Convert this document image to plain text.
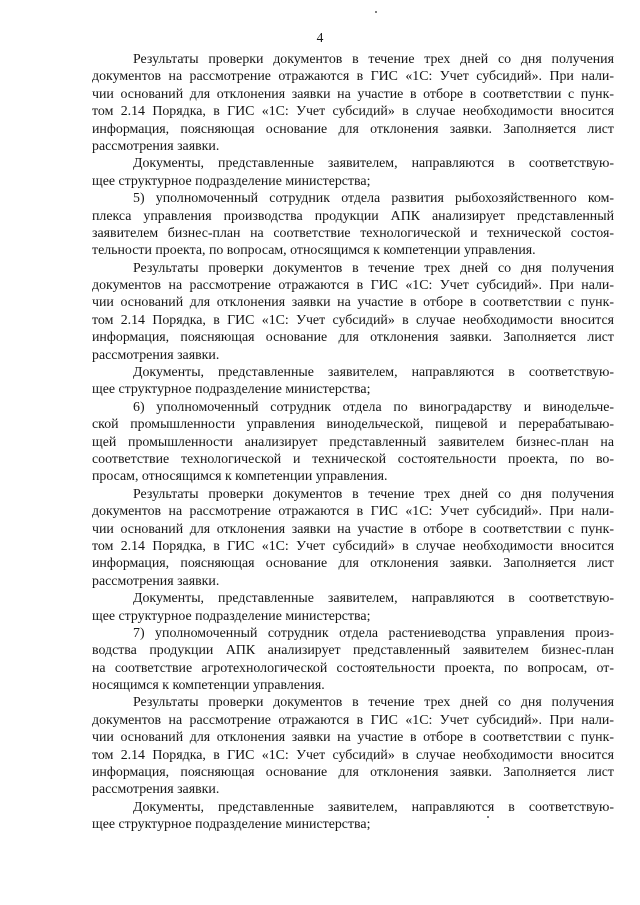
4
Результаты проверки документов в течение трех дней со дня получения
документов на рассмотрение отражаются в ГИС «1С: Учет субсидий». При нали-
чии оснований для отклонения заявки на участие в отборе в соответствии с пунк-
том 2.14 Порядка, в ГИС «1С: Учет субсидий» в случае необходимости вносится
информация, поясняющая основание для отклонения заявки. Заполняется лист
рассмотрения заявки.
Документы, представленные заявителем, направляются в соответствую-
щее структурное подразделение министерства;
5) уполномоченный сотрудник отдела развития рыбохозяйственного ком-
плекса управления производства продукции АПК анализирует представленный
заявителем бизнес-план на соответствие технологической и технической состоя-
тельности проекта, по вопросам, относящимся к компетенции управления.
Результаты проверки документов в течение трех дней со дня получения
документов на рассмотрение отражаются в ГИС «1С: Учет субсидий». При нали-
чии оснований для отклонения заявки на участие в отборе в соответствии с пунк-
том 2.14 Порядка, в ГИС «1С: Учет субсидий» в случае необходимости вносится
информация, поясняющая основание для отклонения заявки. Заполняется лист
рассмотрения заявки.
Документы, представленные заявителем, направляются в соответствую-
щее структурное подразделение министерства;
6) уполномоченный сотрудник отдела по виноградарству и винодельче-
ской промышленности управления винодельческой, пищевой и перерабатываю-
щей промышленности анализирует представленный заявителем бизнес-план на
соответствие технологической и технической состоятельности проекта, по во-
просам, относящимся к компетенции управления.
Результаты проверки документов в течение трех дней со дня получения
документов на рассмотрение отражаются в ГИС «1С: Учет субсидий». При нали-
чии оснований для отклонения заявки на участие в отборе в соответствии с пунк-
том 2.14 Порядка, в ГИС «1С: Учет субсидий» в случае необходимости вносится
информация, поясняющая основание для отклонения заявки. Заполняется лист
рассмотрения заявки.
Документы, представленные заявителем, направляются в соответствую-
щее структурное подразделение министерства;
7) уполномоченный сотрудник отдела растениеводства управления произ-
водства продукции АПК анализирует представленный заявителем бизнес-план
на соответствие агротехнологической состоятельности проекта, по вопросам, от-
носящимся к компетенции управления.
Результаты проверки документов в течение трех дней со дня получения
документов на рассмотрение отражаются в ГИС «1С: Учет субсидий». При нали-
чии оснований для отклонения заявки на участие в отборе в соответствии с пунк-
том 2.14 Порядка, в ГИС «1С: Учет субсидий» в случае необходимости вносится
информация, поясняющая основание для отклонения заявки. Заполняется лист
рассмотрения заявки.
Документы, представленные заявителем, направляются в соответствую-
щее структурное подразделение министерства;
